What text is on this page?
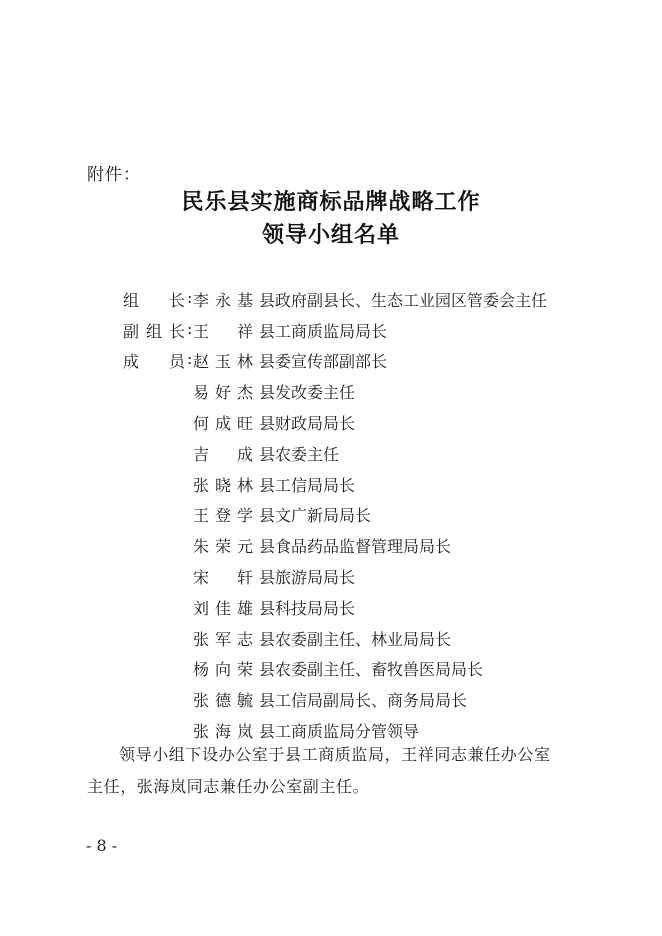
附件：
民乐县实施商标品牌战略工作
领导小组名单
组 长 : 李 永 基 县政府副县长、生态工业园区管委会主任
副 组 长 : 王 祥 县工商质监局局长
成 员 : 赵 玉 林 县委宣传部副部长
易 好 杰 县发改委主任
何 成 旺 县财政局局长
吉 成 县农委主任
张 晓 林 县工信局局长
王 登 学 县文广新局局长
朱 荣 元 县食品药品监督管理局局长
宋 轩 县旅游局局长
刘 佳 雄 县科技局局长
张 军 志 县农委副主任、林业局局长
杨 向 荣 县农委副主任、畜牧兽医局局长
张 德 毓 县工信局副局长、商务局局长
张 海 岚 县工商质监局分管领导
领导小组下设办公室于县工商质监局，王祥同志兼任办公室
主任，张海岚同志兼任办公室副主任。
- 8 -
